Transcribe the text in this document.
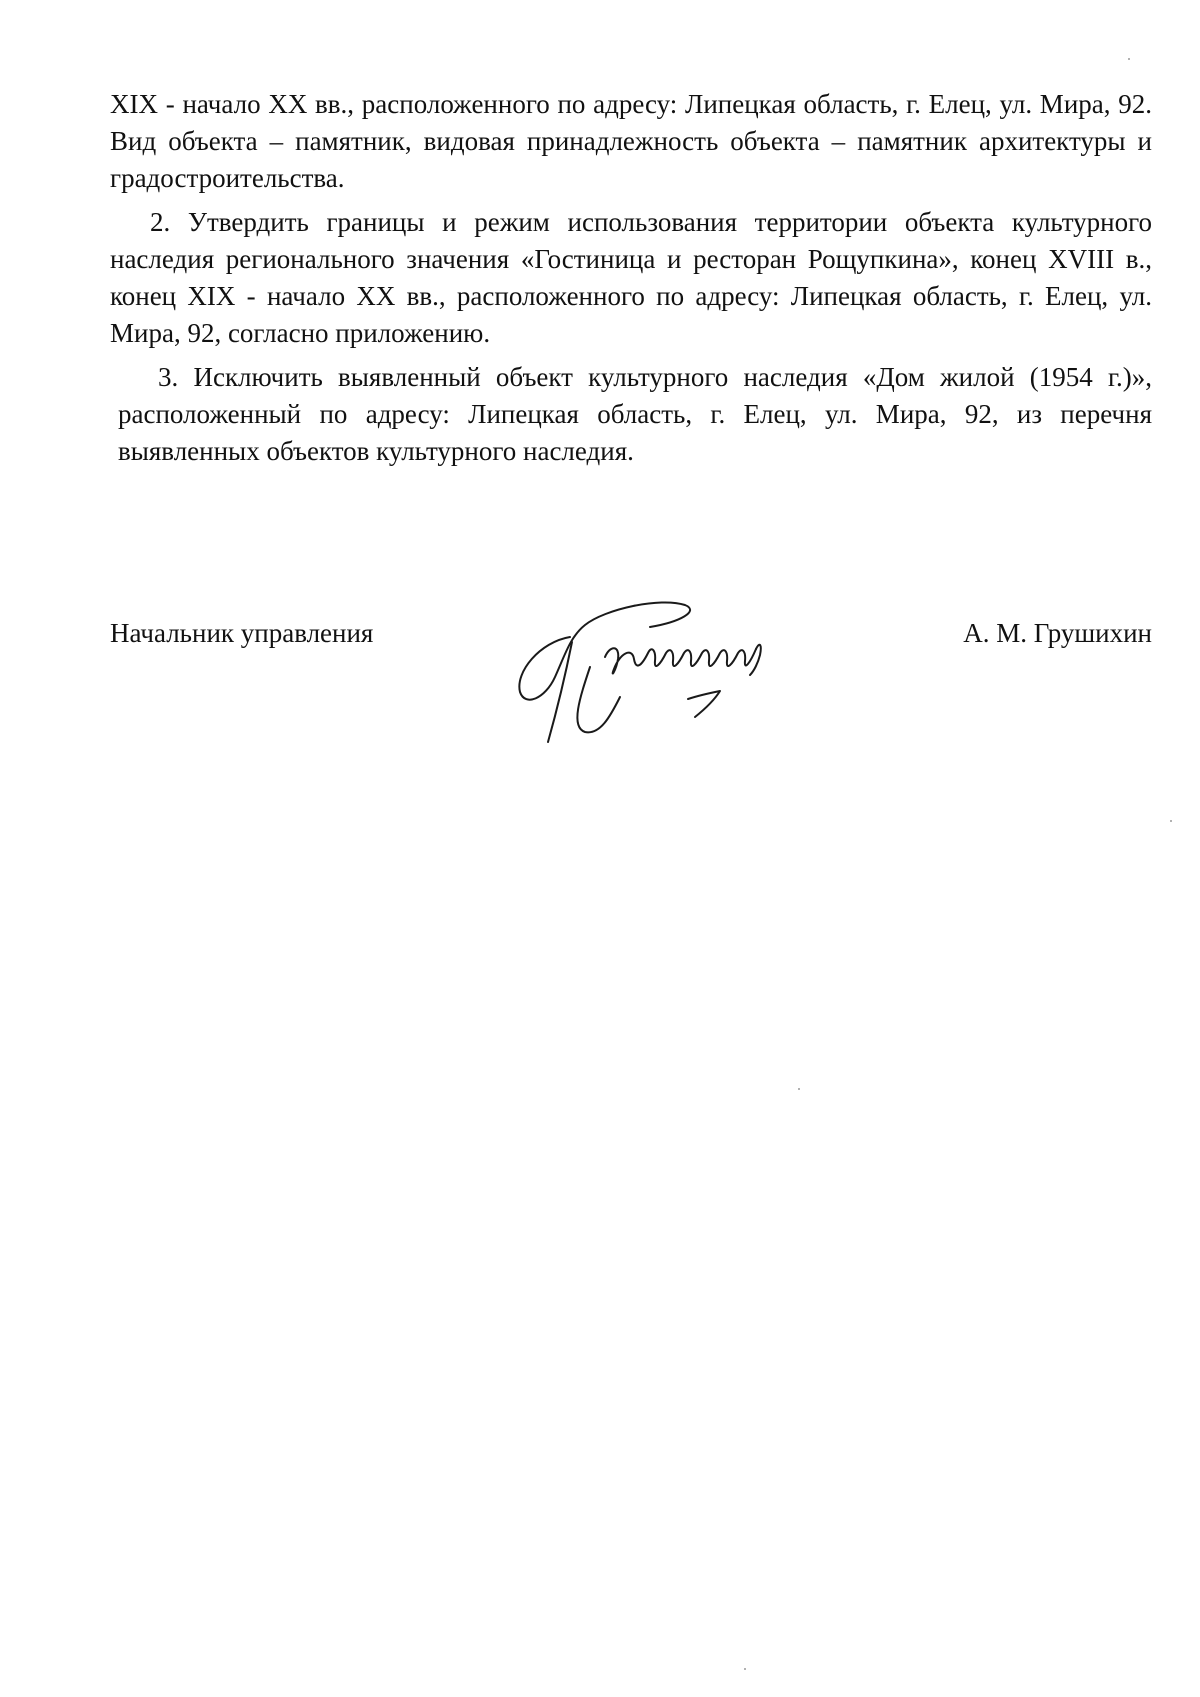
XIX - начало XX вв., расположенного по адресу: Липецкая область, г. Елец, ул. Мира, 92. Вид объекта – памятник, видовая принадлежность объекта – памятник архитектуры и градостроительства.

2. Утвердить границы и режим использования территории объекта культурного наследия регионального значения «Гостиница и ресторан Рощупкина», конец XVIII в., конец XIX - начало XX вв., расположенного по адресу: Липецкая область, г. Елец, ул. Мира, 92, согласно приложению.

3. Исключить выявленный объект культурного наследия «Дом жилой (1954 г.)», расположенный по адресу: Липецкая область, г. Елец, ул. Мира, 92, из перечня выявленных объектов культурного наследия.

Начальник управления	А. М. Грушихин
